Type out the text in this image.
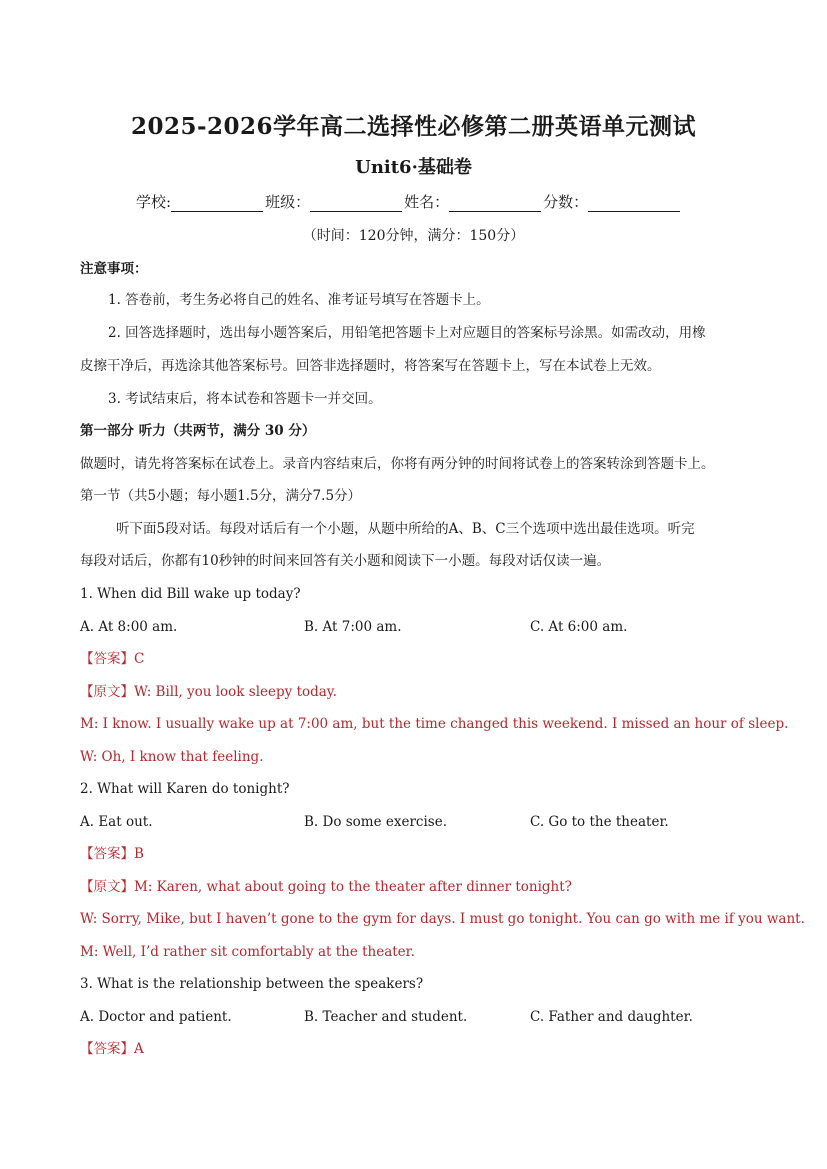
2025-2026学年高二选择性必修第二册英语单元测试
Unit6·基础卷
学校:	班级：	姓名：	分数：
（时间：120分钟，满分：150分）
注意事项：
1. 答卷前，考生务必将自己的姓名、准考证号填写在答题卡上。
2. 回答选择题时，选出每小题答案后，用铅笔把答题卡上对应题目的答案标号涂黑。如需改动，用橡
皮擦干净后，再选涂其他答案标号。回答非选择题时，将答案写在答题卡上，写在本试卷上无效。
3. 考试结束后，将本试卷和答题卡一并交回。
第一部分 听力（共两节，满分 30 分）
做题时，请先将答案标在试卷上。录音内容结束后，你将有两分钟的时间将试卷上的答案转涂到答题卡上。
第一节（共5小题；每小题1.5分，满分7.5分）
听下面5段对话。每段对话后有一个小题，从题中所给的A、B、C三个选项中选出最佳选项。听完
每段对话后，你都有10秒钟的时间来回答有关小题和阅读下一小题。每段对话仅读一遍。
1. When did Bill wake up today?
A. At 8:00 am.	B. At 7:00 am.	C. At 6:00 am.
【答案】C
【原文】W: Bill, you look sleepy today.
M: I know. I usually wake up at 7:00 am, but the time changed this weekend. I missed an hour of sleep.
W: Oh, I know that feeling.
2. What will Karen do tonight?
A. Eat out.	B. Do some exercise.	C. Go to the theater.
【答案】B
【原文】M: Karen, what about going to the theater after dinner tonight?
W: Sorry, Mike, but I haven’t gone to the gym for days. I must go tonight. You can go with me if you want.
M: Well, I’d rather sit comfortably at the theater.
3. What is the relationship between the speakers?
A. Doctor and patient.	B. Teacher and student.	C. Father and daughter.
【答案】A
